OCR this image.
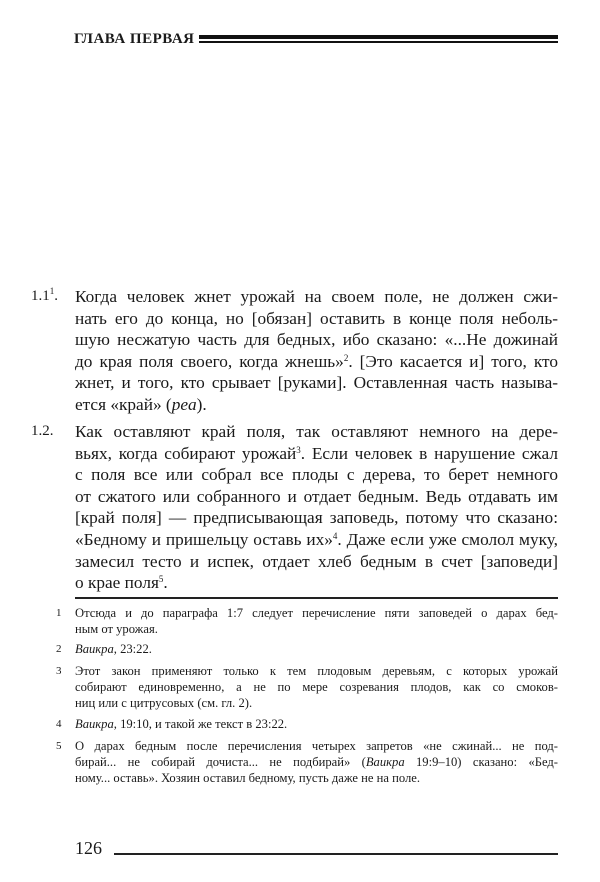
ГЛАВА ПЕРВАЯ
$1.1^1$. Когда человек жнет урожай на своем поле, не должен сжи-
нать его до конца, но [обязан] оставить в конце поля неболь-
шую несжатую часть для бедных, ибо сказано: «...Не дожинай
до края поля своего, когда жнешь»$^2$. [Это касается и] того, кто
жнет, и того, кто срывает [руками]. Оставленная часть называ-
ется «край» (pea).
1.2. Как оставляют край поля, так оставляют немного на дере-
вьях, когда собирают урожай$^3$. Если человек в нарушение сжал
с поля все или собрал все плоды с дерева, то берет немного
от сжатого или собранного и отдает бедным. Ведь отдавать им
[край поля] — предписывающая заповедь, потому что сказано:
«Бедному и пришельцу оставь их»$^4$. Даже если уже смолол муку,
замесил тесто и испек, отдает хлеб бедным в счет [заповеди]
о крае поля$^5$.
1 Отсюда и до параграфа 1:7 следует перечисление пяти заповедей о дарах бед-
ным от урожая.
2 Ваикра, 23:22.
3 Этот закон применяют только к тем плодовым деревьям, с которых урожай
собирают единовременно, а не по мере созревания плодов, как со смоков-
ниц или с цитрусовых (см. гл. 2).
4 Ваикра, 19:10, и такой же текст в 23:22.
5 О дарах бедным после перечисления четырех запретов «не сжинай... не под-
бирай... не собирай дочиста... не подбирай» (Ваикра 19:9–10) сказано: «Бед-
ному... оставь». Хозяин оставил бедному, пусть даже не на поле.
126
